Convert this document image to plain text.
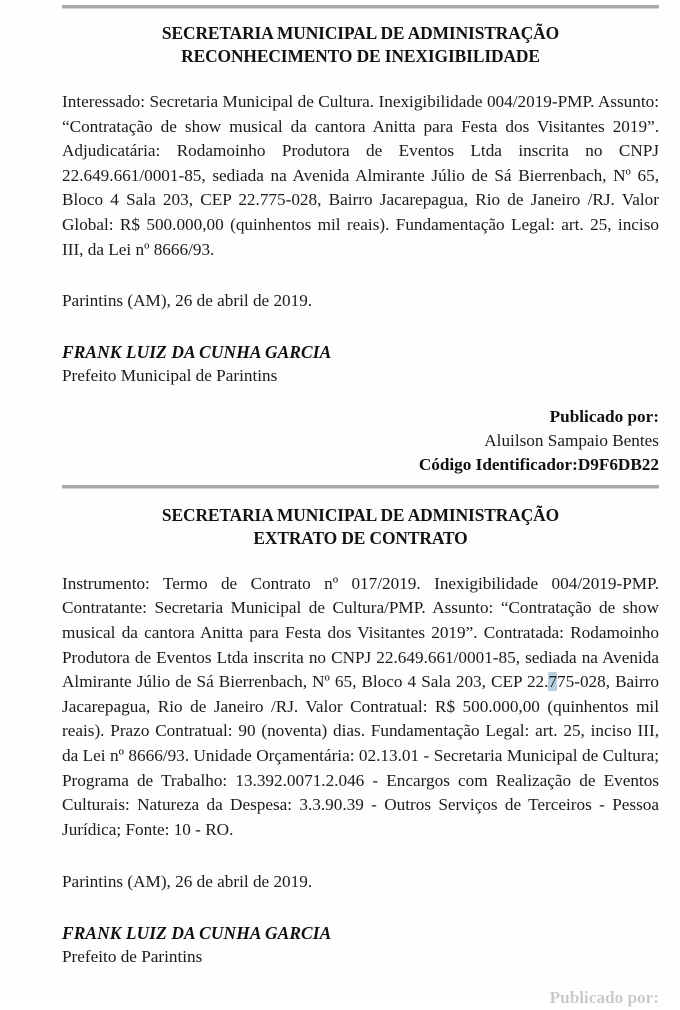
SECRETARIA MUNICIPAL DE ADMINISTRAÇÃO
RECONHECIMENTO DE INEXIGIBILIDADE

Interessado: Secretaria Municipal de Cultura. Inexigibilidade 004/2019-PMP. Assunto: “Contratação de show musical da cantora Anitta para Festa dos Visitantes 2019”. Adjudicatária: Rodamoinho Produtora de Eventos Ltda inscrita no CNPJ 22.649.661/0001-85, sediada na Avenida Almirante Júlio de Sá Bierrenbach, Nº 65, Bloco 4 Sala 203, CEP 22.775-028, Bairro Jacarepagua, Rio de Janeiro /RJ. Valor Global: R$ 500.000,00 (quinhentos mil reais). Fundamentação Legal: art. 25, inciso III, da Lei nº 8666/93.

Parintins (AM), 26 de abril de 2019.
FRANK LUIZ DA CUNHA GARCIA
Prefeito Municipal de Parintins
Publicado por:
Aluilson Sampaio Bentes
Código Identificador:D9F6DB22
SECRETARIA MUNICIPAL DE ADMINISTRAÇÃO
EXTRATO DE CONTRATO

Instrumento: Termo de Contrato nº 017/2019. Inexigibilidade 004/2019-PMP. Contratante: Secretaria Municipal de Cultura/PMP. Assunto: “Contratação de show musical da cantora Anitta para Festa dos Visitantes 2019”. Contratada: Rodamoinho Produtora de Eventos Ltda inscrita no CNPJ 22.649.661/0001-85, sediada na Avenida Almirante Júlio de Sá Bierrenbach, Nº 65, Bloco 4 Sala 203, CEP 22.775-028, Bairro Jacarepagua, Rio de Janeiro /RJ. Valor Contratual: R$ 500.000,00 (quinhentos mil reais). Prazo Contratual: 90 (noventa) dias. Fundamentação Legal: art. 25, inciso III, da Lei nº 8666/93. Unidade Orçamentária: 02.13.01 - Secretaria Municipal de Cultura; Programa de Trabalho: 13.392.0071.2.046 - Encargos com Realização de Eventos Culturais: Natureza da Despesa: 3.3.90.39 - Outros Serviços de Terceiros - Pessoa Jurídica; Fonte: 10 - RO.

Parintins (AM), 26 de abril de 2019.
FRANK LUIZ DA CUNHA GARCIA
Prefeito de Parintins
Publicado por:
